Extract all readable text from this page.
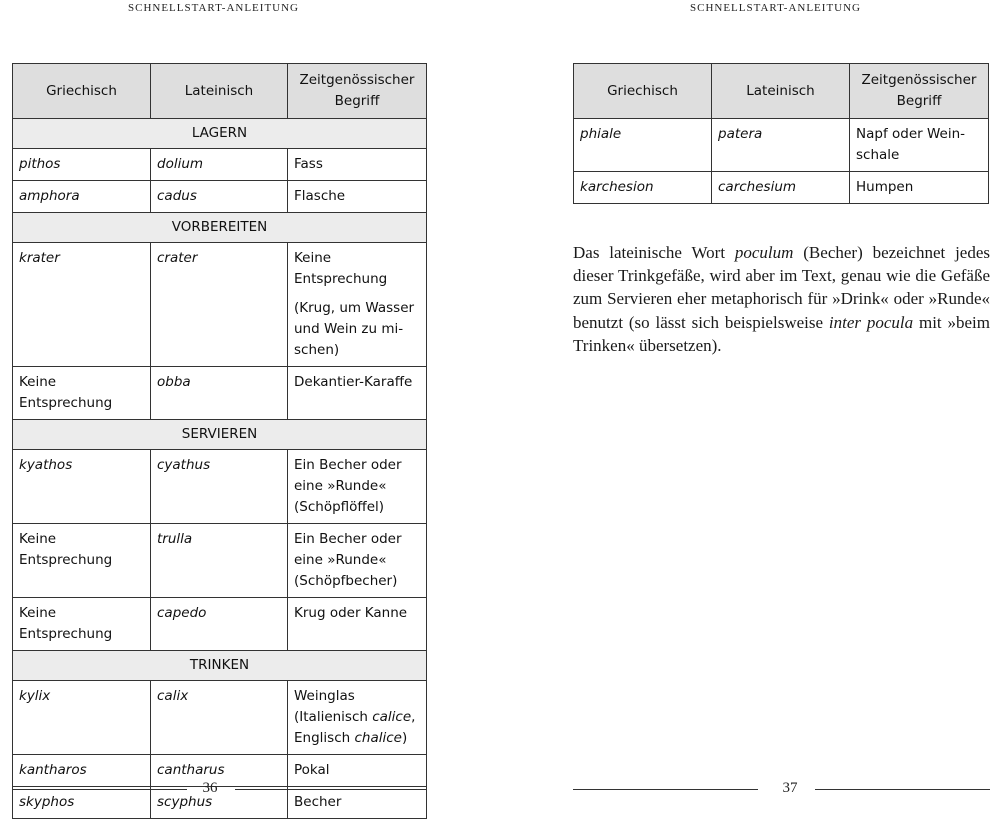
SCHNELLSTART-ANLEITUNG
Griechisch	Lateinisch	Zeitgenössischer Begriff
LAGERN		
pithos	dolium	Fass
amphora	cadus	Flasche
VORBEREITEN		
krater	crater	Keine Entsprechung
(Krug, um Wasser und Wein zu mischen)

Keine Entsprechung	obba	Dekantier-Karaffe
SERVIEREN		
kyathos	cyathus	Ein Becher oder eine »Runde« (Schöpflöffel)
Keine Entsprechung	trulla	Ein Becher oder eine »Runde« (Schöpfbecher)
Keine Entsprechung	capedo	Krug oder Kanne
TRINKEN		
kylix	calix	Weinglas (Italienisch calice, Englisch chalice)
kantharos	cantharus	Pokal
skyphos	scyphus	Becher
36
SCHNELLSTART-ANLEITUNG
Griechisch	Lateinisch	Zeitgenössischer Begriff
phiale	patera	Napf oder Weinschale
karchesion	carchesium	Humpen

Das lateinische Wort poculum (Becher) bezeichnet jedes dieser Trinkgefäße, wird aber im Text, genau wie die Gefäße zum Servieren eher metaphorisch für »Drink« oder »Runde« benutzt (so lässt sich beispielsweise inter pocula mit »beim Trinken« übersetzen).

37
